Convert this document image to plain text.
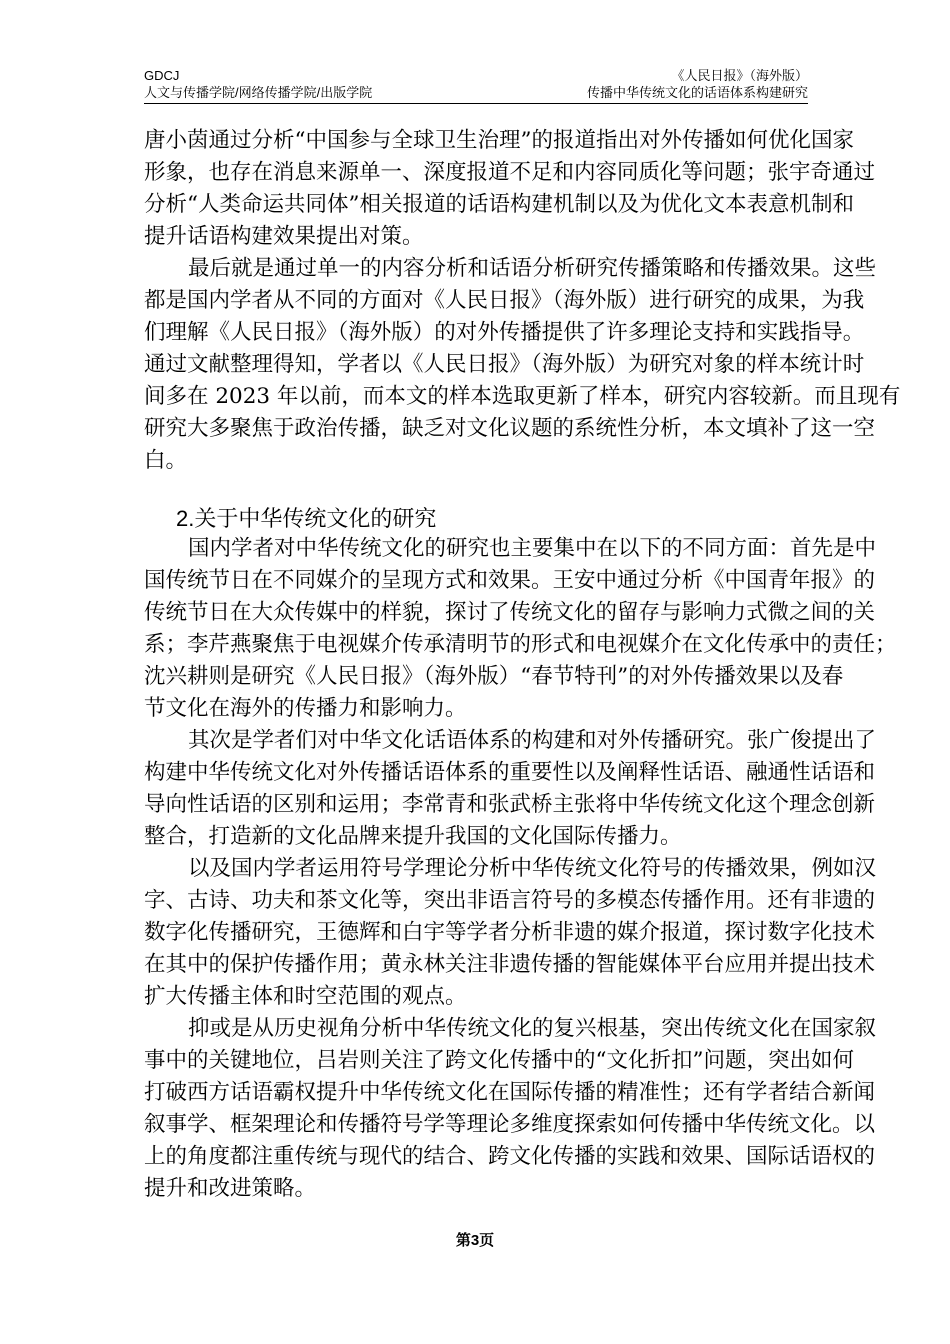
GDCJ	《人民日报》（海外版）
人文与传播学院/网络传播学院/出版学院	传播中华传统文化的话语体系构建研究
唐小茵通过分析“中国参与全球卫生治理”的报道指出对外传播如何优化国家
形象，也存在消息来源单一、深度报道不足和内容同质化等问题；张宇奇通过
分析“人类命运共同体”相关报道的话语构建机制以及为优化文本表意机制和
提升话语构建效果提出对策。
最后就是通过单一的内容分析和话语分析研究传播策略和传播效果。这些
都是国内学者从不同的方面对《人民日报》（海外版）进行研究的成果，为我
们理解《人民日报》（海外版）的对外传播提供了许多理论支持和实践指导。
通过文献整理得知，学者以《人民日报》（海外版）为研究对象的样本统计时
间多在 2023 年以前，而本文的样本选取更新了样本，研究内容较新。而且现有
研究大多聚焦于政治传播，缺乏对文化议题的系统性分析，本文填补了这一空
白。
2.关于中华传统文化的研究
国内学者对中华传统文化的研究也主要集中在以下的不同方面：首先是中
国传统节日在不同媒介的呈现方式和效果。王安中通过分析《中国青年报》的
传统节日在大众传媒中的样貌，探讨了传统文化的留存与影响力式微之间的关
系；李芹燕聚焦于电视媒介传承清明节的形式和电视媒介在文化传承中的责任；
沈兴耕则是研究《人民日报》（海外版）“春节特刊”的对外传播效果以及春
节文化在海外的传播力和影响力。
其次是学者们对中华文化话语体系的构建和对外传播研究。张广俊提出了
构建中华传统文化对外传播话语体系的重要性以及阐释性话语、融通性话语和
导向性话语的区别和运用；李常青和张武桥主张将中华传统文化这个理念创新
整合，打造新的文化品牌来提升我国的文化国际传播力。
以及国内学者运用符号学理论分析中华传统文化符号的传播效果，例如汉
字、古诗、功夫和茶文化等，突出非语言符号的多模态传播作用。还有非遗的
数字化传播研究，王德辉和白宇等学者分析非遗的媒介报道，探讨数字化技术
在其中的保护传播作用；黄永林关注非遗传播的智能媒体平台应用并提出技术
扩大传播主体和时空范围的观点。
抑或是从历史视角分析中华传统文化的复兴根基，突出传统文化在国家叙
事中的关键地位，吕岩则关注了跨文化传播中的“文化折扣”问题，突出如何
打破西方话语霸权提升中华传统文化在国际传播的精准性；还有学者结合新闻
叙事学、框架理论和传播符号学等理论多维度探索如何传播中华传统文化。以
上的角度都注重传统与现代的结合、跨文化传播的实践和效果、国际话语权的
提升和改进策略。
第3页
